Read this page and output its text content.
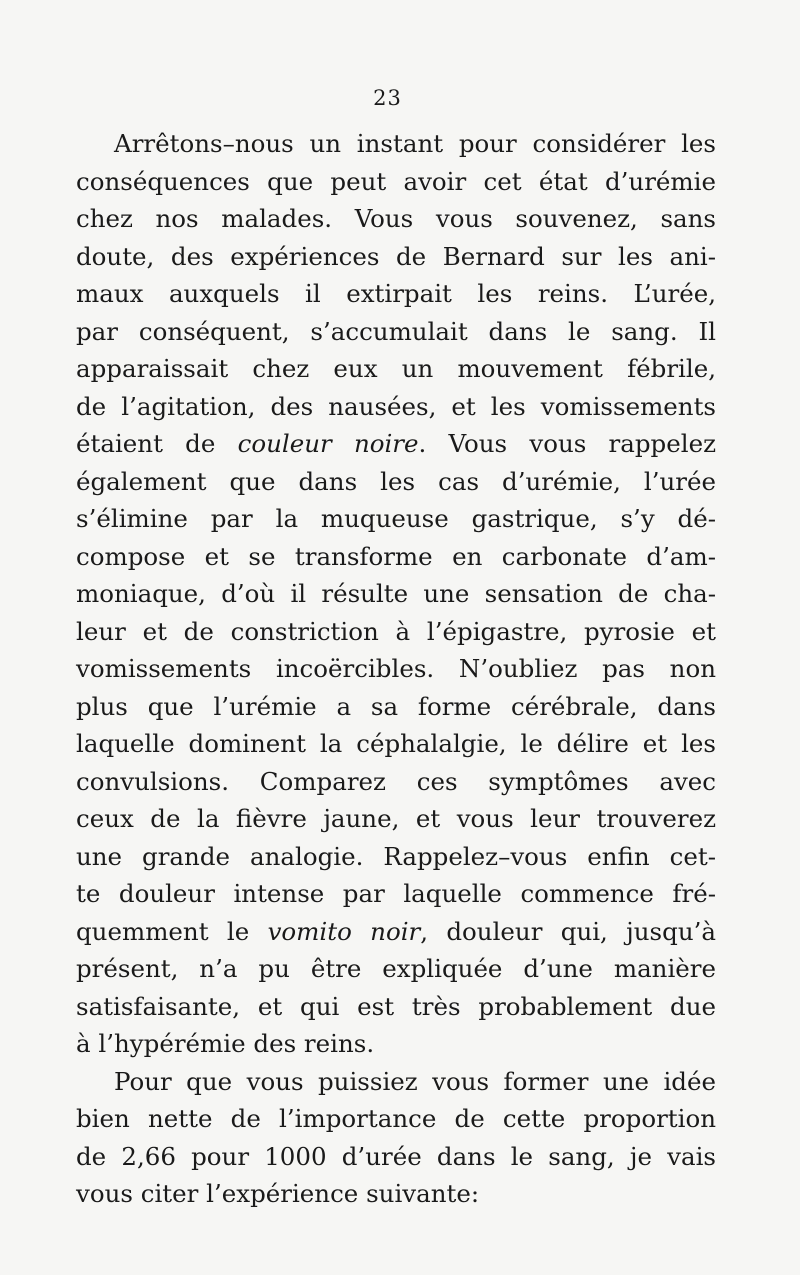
23
Arrêtons–nous un instant pour considérer les
conséquences que peut avoir cet état d’urémie
chez nos malades. Vous vous souvenez, sans
doute, des expériences de Bernard sur les ani-
maux auxquels il extirpait les reins. L’urée,
par conséquent, s’accumulait dans le sang. Il
apparaissait chez eux un mouvement fébrile,
de l’agitation, des nausées, et les vomissements
étaient de couleur noire. Vous vous rappelez
également que dans les cas d’urémie, l’urée
s’élimine par la muqueuse gastrique, s’y dé-
compose et se transforme en carbonate d’am-
moniaque, d’où il résulte une sensation de cha-
leur et de constriction à l’épigastre, pyrosie et
vomissements incoërcibles. N’oubliez pas non
plus que l’urémie a sa forme cérébrale, dans
laquelle dominent la céphalalgie, le délire et les
convulsions. Comparez ces symptômes avec
ceux de la fièvre jaune, et vous leur trouverez
une grande analogie. Rappelez–vous enfin cet-
te douleur intense par laquelle commence fré-
quemment le vomito noir, douleur qui, jusqu’à
présent, n’a pu être expliquée d’une manière
satisfaisante, et qui est très probablement due
à l’hypérémie des reins.
Pour que vous puissiez vous former une idée
bien nette de l’importance de cette proportion
de 2,66 pour 1000 d’urée dans le sang, je vais
vous citer l’expérience suivante:
